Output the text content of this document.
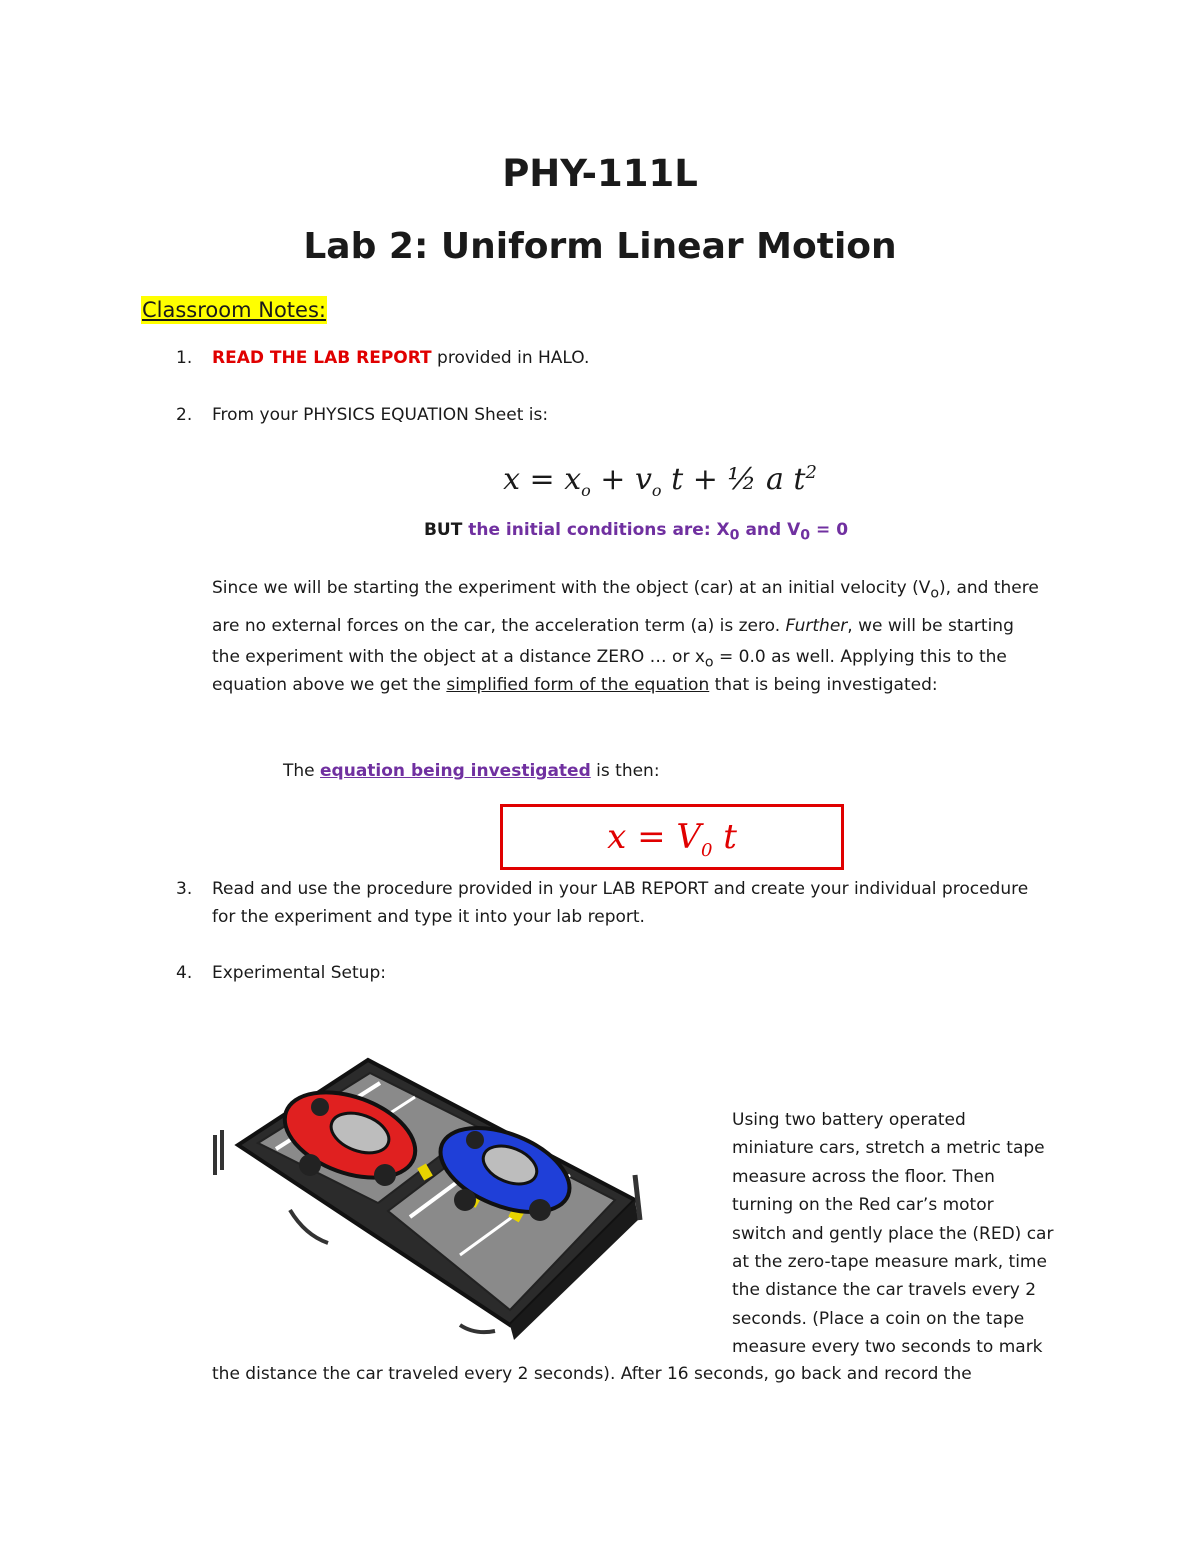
PHY-111L
Lab 2: Uniform Linear Motion
Classroom Notes:
1. READ THE LAB REPORT provided in HALO.
2. From your PHYSICS EQUATION Sheet is:
$x = x_o + v_o$ t + ½ a $t^2$
BUT the initial conditions are: $X_0$ and $V_0 = 0$
Since we will be starting the experiment with the object (car) at an initial velocity $(V_o)$, and there
are no external forces on the car, the acceleration term (a) is zero. Further, we will be starting
the experiment with the object at a distance ZERO … or $x_o = 0.0$ as well. Applying this to the
equation above we get the simplified form of the equation that is being investigated:
The equation being investigated is then:
$x = V_0$ t
3. Read and use the procedure provided in your LAB REPORT and create your individual procedure
for the experiment and type it into your lab report.
4. Experimental Setup:
Using two battery operated
miniature cars, stretch a metric tape
measure across the floor. Then
turning on the Red car’s motor
switch and gently place the (RED) car
at the zero-tape measure mark, time
the distance the car travels every 2
seconds. (Place a coin on the tape
measure every two seconds to mark
the distance the car traveled every 2 seconds). After 16 seconds, go back and record the
